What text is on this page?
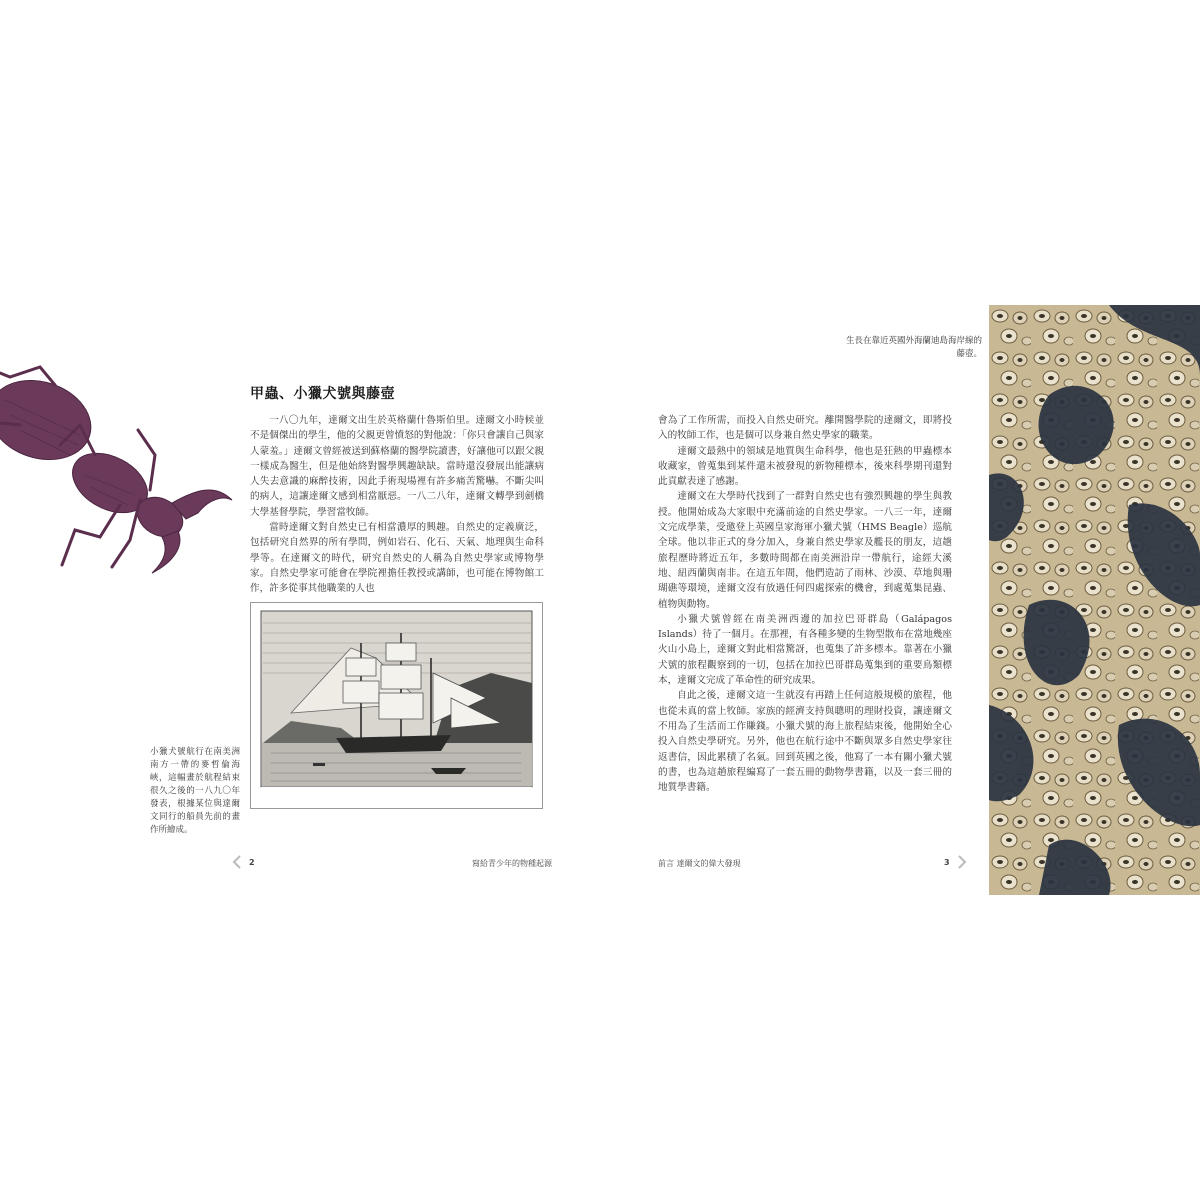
甲蟲、小獵犬號與藤壺

一八〇九年，達爾文出生於英格蘭什魯斯伯里。達爾文小時候並不是個傑出的學生，他的父親更曾憤怒的對他說：「你只會讓自己與家人蒙羞。」達爾文曾經被送到蘇格蘭的醫學院讀書，好讓他可以跟父親一樣成為醫生，但是他始終對醫學興趣缺缺。當時還沒發展出能讓病人失去意識的麻醉技術，因此手術現場裡有許多痛苦驚嚇。不斷尖叫的病人，這讓達爾文感到相當厭惡。一八二八年，達爾文轉學到劍橋大學基督學院，學習當牧師。

當時達爾文對自然史已有相當濃厚的興趣。自然史的定義廣泛，包括研究自然界的所有學問，例如岩石、化石、天氣、地理與生命科學等。在達爾文的時代，研究自然史的人稱為自然史學家或博物學家。自然史學家可能會在學院裡擔任教授或講師，也可能在博物館工作，許多從事其他職業的人也

小獵犬號航行在南美洲南方一帶的麥哲倫海峽，這幅畫於航程結束很久之後的一八九〇年發表，根據某位與達爾文同行的船員先前的畫作所繪成。

會為了工作所需，而投入自然史研究。離開醫學院的達爾文，即將投入的牧師工作，也是個可以身兼自然史學家的職業。

達爾文最熱中的領域是地質與生命科學，他也是狂熱的甲蟲標本收藏家，曾蒐集到某件還未被發現的新物種標本，後來科學期刊還對此貢獻表達了感謝。

達爾文在大學時代找到了一群對自然史也有強烈興趣的學生與教授。他開始成為大家眼中充滿前途的自然史學家。一八三一年，達爾文完成學業，受邀登上英國皇家海軍小獵犬號（HMS Beagle）巡航全球。他以非正式的身分加入，身兼自然史學家及艦長的朋友，這趟旅程歷時將近五年，多數時間都在南美洲沿岸一帶航行，途經大溪地、紐西蘭與南非。在這五年間，他們造訪了雨林、沙漠、草地與珊瑚礁等環境，達爾文沒有放過任何四處探索的機會，到處蒐集昆蟲、植物與動物。

小獵犬號曾經在南美洲西邊的加拉巴哥群島（Galápagos Islands）待了一個月。在那裡，有各種多變的生物型散布在當地幾座火山小島上，達爾文對此相當驚訝，也蒐集了許多標本。靠著在小獵犬號的旅程觀察到的一切，包括在加拉巴哥群島蒐集到的重要鳥類標本，達爾文完成了革命性的研究成果。

自此之後，達爾文這一生就沒有再踏上任何這般規模的旅程，他也從未真的當上牧師。家族的經濟支持與聰明的理財投資，讓達爾文不用為了生活而工作賺錢。小獵犬號的海上旅程結束後，他開始全心投入自然史學研究。另外，他也在航行途中不斷與眾多自然史學家往返書信，因此累積了名氣。回到英國之後，他寫了一本有關小獵犬號的書，也為這趟旅程編寫了一套五冊的動物學書籍，以及一套三冊的地質學書籍。

生長在靠近英國外海蘭迪島海岸線的藤壺。
2	寫給青少年的物種起源	前言 達爾文的偉大發現	3
